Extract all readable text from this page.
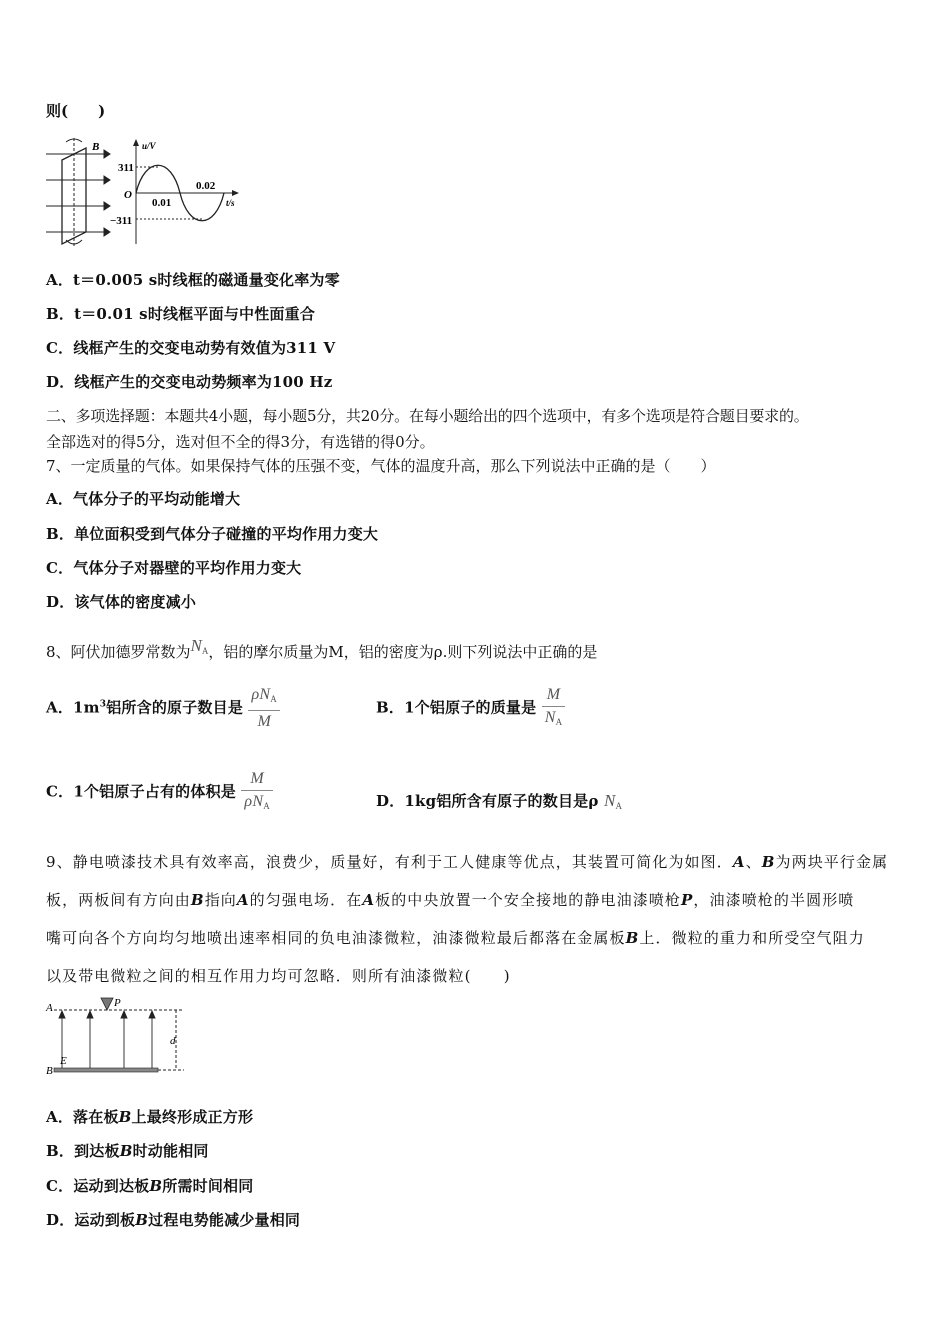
则(　　)
B	u/V
t/s
311
O
−311
0.01
0.02
A．t＝0.005 s时线框的磁通量变化率为零
B．t＝0.01 s时线框平面与中性面重合
C．线框产生的交变电动势有效值为311 V
D．线框产生的交变电动势频率为100 Hz
二、多项选择题：本题共4小题，每小题5分，共20分。在每小题给出的四个选项中，有多个选项是符合题目要求的。
全部选对的得5分，选对但不全的得3分，有选错的得0分。
7、一定质量的气体。如果保持气体的压强不变，气体的温度升高，那么下列说法中正确的是（　　）
A．气体分子的平均动能增大
B．单位面积受到气体分子碰撞的平均作用力变大
C．气体分子对器壁的平均作用力变大
D．该气体的密度减小
8、阿伏加德罗常数为$N_A$，铝的摩尔质量为M，铝的密度为ρ.则下列说法中正确的是
A．$1m^3$铝所含的原子数目是 $\frac{\rho N_A}{M}$	B．1个铝原子的质量是 $\frac{M}{N_A}$
C．1个铝原子占有的体积是 $\frac{M}{\rho N_A}$	D．1kg铝所含有原子的数目是ρ $N_A$
9、静电喷漆技术具有效率高，浪费少，质量好，有利于工人健康等优点，其装置可简化为如图．A、B为两块平行金属
板，两板间有方向由B指向A的匀强电场．在A板的中央放置一个安全接地的静电油漆喷枪P，油漆喷枪的半圆形喷
嘴可向各个方向均匀地喷出速率相同的负电油漆微粒，油漆微粒最后都落在金属板B上．微粒的重力和所受空气阻力
以及带电微粒之间的相互作用力均可忽略．则所有油漆微粒(　　)
P
A
B
E
d
A．落在板B上最终形成正方形
B．到达板B时动能相同
C．运动到达板B所需时间相同
D．运动到板B过程电势能减少量相同
